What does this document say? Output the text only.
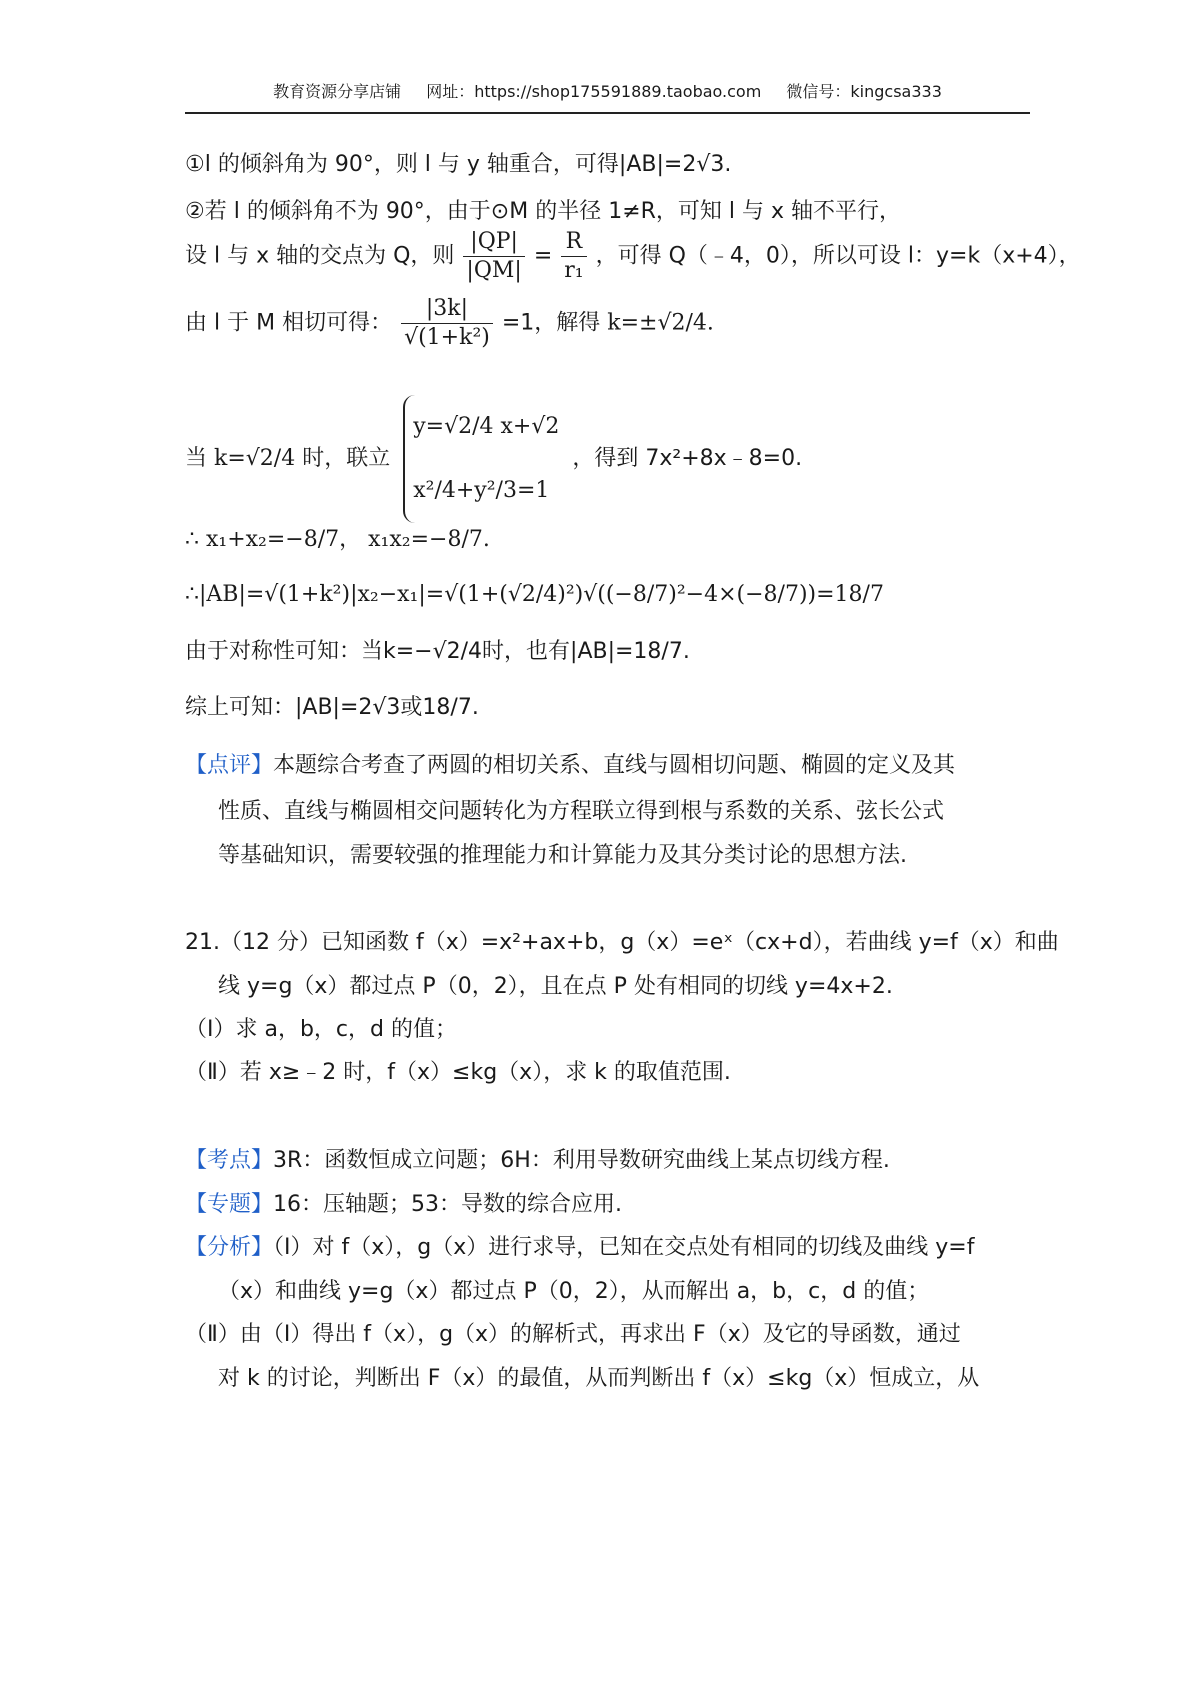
教育资源分享店铺 网址：https://shop175591889.taobao.com 微信号：kingcsa333
①l 的倾斜角为 90°，则 l 与 y 轴重合，可得|AB|=2√3.
②若 l 的倾斜角不为 90°，由于⊙M 的半径 1≠R，可知 l 与 x 轴不平行，
设 l 与 x 轴的交点为 Q，则 $\frac{|QP|}{|QM|} = \frac{R}{\text{r₁}}$ ，可得 Q（﹣4，0），所以可设 l：y=k（x+4），
由 l 于 M 相切可得： $\frac{|3k|}{\text{√(1+k²)}} =1$，解得 k=±√2/4.
当 k=√2/4 时，联立
y=√2/4 x+√2
x²/4+y²/3=1
，得到 7x²+8x﹣8=0.
∴ x₁+x₂=−8/7， x₁x₂=−8/7.
∴|AB|=√(1+k²)|x₂−x₁|=√(1+(√2/4)²)√((−8/7)²−4×(−8/7))=18/7
由于对称性可知：当k=−√2/4时，也有|AB|=18/7.
综上可知：|AB|=2√3或18/7.
【点评】本题综合考查了两圆的相切关系、直线与圆相切问题、椭圆的定义及其
性质、直线与椭圆相交问题转化为方程联立得到根与系数的关系、弦长公式
等基础知识，需要较强的推理能力和计算能力及其分类讨论的思想方法.
21.（12 分）已知函数 f（x）=x²+ax+b，g（x）=eˣ（cx+d），若曲线 y=f（x）和曲
线 y=g（x）都过点 P（0，2），且在点 P 处有相同的切线 y=4x+2.
（Ⅰ）求 a，b，c，d 的值；
（Ⅱ）若 x≥﹣2 时，f（x）≤kg（x），求 k 的取值范围.
【考点】3R：函数恒成立问题；6H：利用导数研究曲线上某点切线方程.
【专题】16：压轴题；53：导数的综合应用.
【分析】（Ⅰ）对 f（x），g（x）进行求导，已知在交点处有相同的切线及曲线 y=f
（x）和曲线 y=g（x）都过点 P（0，2），从而解出 a，b，c，d 的值；
（Ⅱ）由（I）得出 f（x），g（x）的解析式，再求出 F（x）及它的导函数，通过
对 k 的讨论，判断出 F（x）的最值，从而判断出 f（x）≤kg（x）恒成立，从
